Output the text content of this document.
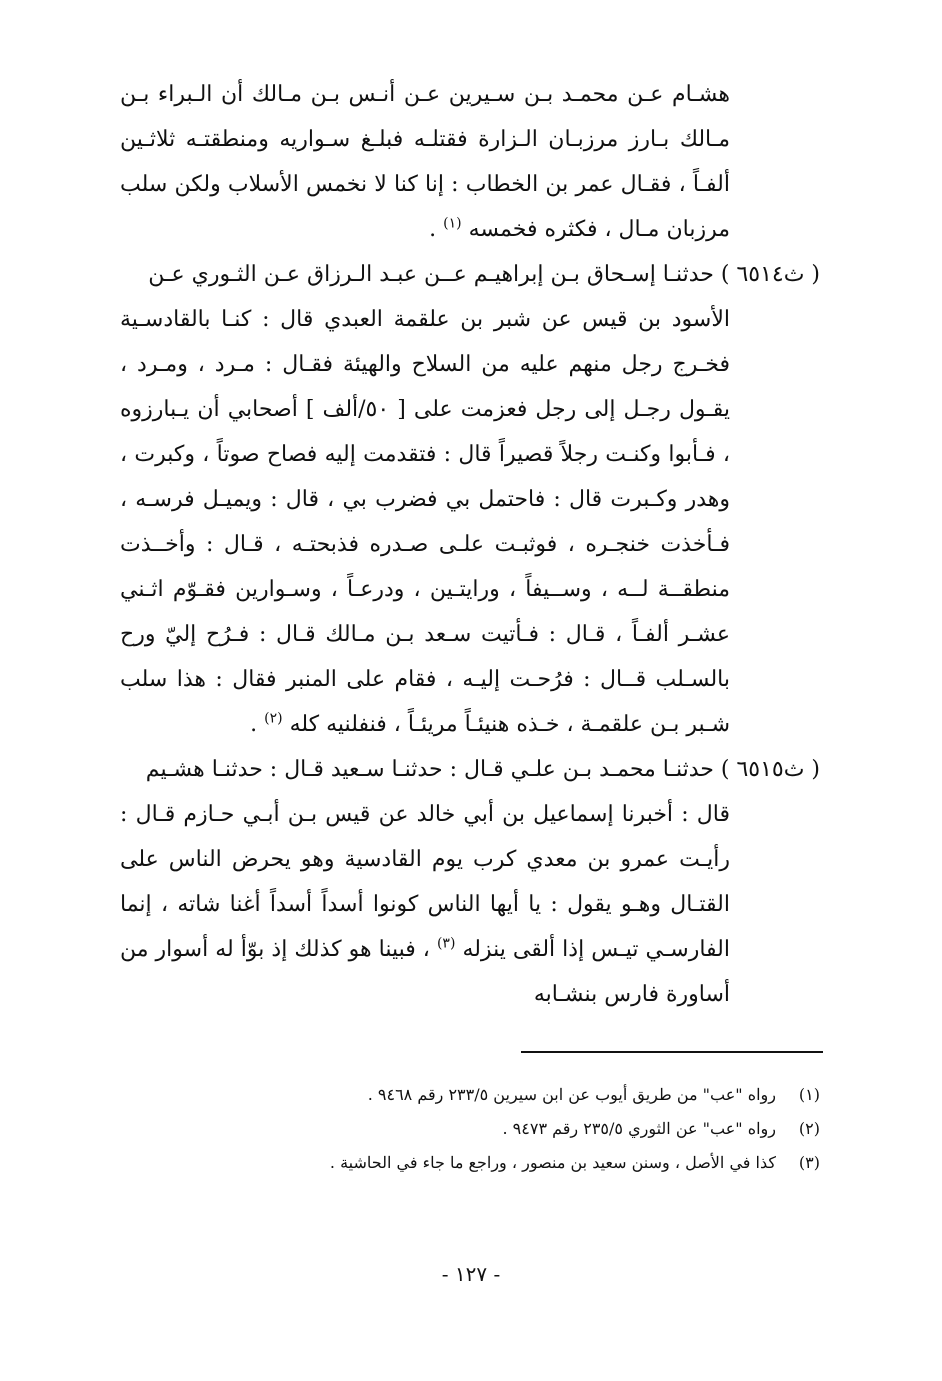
هشـام عـن محمـد بـن سـيرين عـن أنـس بـن مـالك أن الـبراء بـن مـالك بـارز مرزبـان الـزارة فقتلـه فبلـغ سـواريه ومنطقتـه ثلاثـين ألفـاً ، فقـال عمر بن الخطاب : إنا كنا لا نخمس الأسلاب ولكن سلب مرزبان مـال ، فكثره فخمسه $^{(١)}$ .

( ث٦٥١٤ ) حدثنـا إسـحاق بـن إبراهيـم عــن عبـد الـرزاق عـن الثـوري عـن
الأسود بن قيس عن شبر بن علقمة العبدي قال : كنـا بالقادسـية فخـرج رجل منهم عليه من السلاح والهيئة فقـال : مـرد ، ومـرد ، يقـول رجـل إلى رجل فعزمت على [ ٥٠/ألف ] أصحابي أن يـبارزوه ، فـأبوا وكنـت رجلاً قصيراً قال : فتقدمت إليه فصاح صوتاً ، وكبرت ، وهدر وكـبرت قال : فاحتمل بي فضرب بي ، قال : ويميـل فرسـه ، فـأخذت خنجـره ، فوثبـت علـى صـدره فذبحتـه ، قـال : وأخــذت منطقــة لــه ، وســيفاً ، ورايتـين ، ودرعـاً ، وسـوارين فقـوّم اثـني عشـر ألفـاً ، قـال : فـأتيت سـعد بـن مـالك قـال : فـرُح إليّ ورح بالسـلب قــال : فرُحـت إليـه ، فقام على المنبر فقال : هذا سلب شـبر بـن علقمـة ، خـذه هنيئـاً مريئـاً ، فنفلنيه كله $^{(٢)}$ .

( ث٦٥١٥ ) حدثنـا محمـد بـن علـي قـال : حدثنـا سـعيد قـال : حدثنـا هشـيم
قال : أخبرنا إسماعيل بن أبي خالد عن قيس بـن أبـي حـازم قـال : رأيـت عمرو بن معدي كرب يوم القادسية وهو يحرض الناس على القتـال وهـو يقول : يا أيها الناس كونوا أسداً أسداً أغنا شاته ، إنما الفارسـي تيـس إذا ألقى ينزله $^{(٣)}$ ، فبينا هو كذلك إذ بوّأ له أسوار من أساورة فارس بنشـابه

(١)
رواه "عب" من طريق أيوب عن ابن سيرين ٢٣٣/٥ رقم ٩٤٦٨ .
(٢)
رواه "عب" عن الثوري ٢٣٥/٥ رقم ٩٤٧٣ .
(٣)
كذا في الأصل ، وسنن سعيد بن منصور ، وراجع ما جاء في الحاشية .
- ١٢٧ -
